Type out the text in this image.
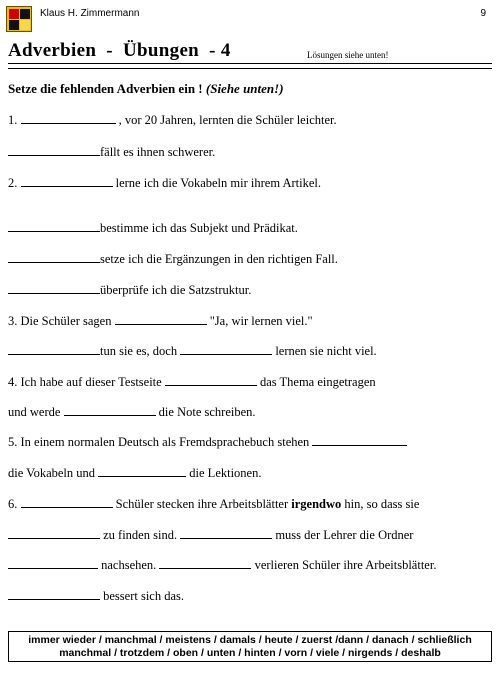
Klaus H. Zimmermann	9
Adverbien  -  Übungen  - 4	Lösungen siehe unten!
Setze die fehlenden Adverbien ein ! (Siehe unten!)
1.	, vor 20 Jahren, lernten die Schüler leichter.
fällt es ihnen schwerer.
2.	lerne ich die Vokabeln mir ihrem Artikel.
bestimme ich das Subjekt und Prädikat.
setze ich die Ergänzungen in den richtigen Fall.
überprüfe ich die Satzstruktur.
3. Die Schüler sagen	"Ja, wir lernen viel."
tun sie es, doch	lernen sie nicht viel.
4. Ich habe auf dieser Testseite	das Thema eingetragen
und werde	die Note schreiben.
5. In einem normalen Deutsch als Fremdsprachebuch stehen
die Vokabeln und	die Lektionen.
6.	Schüler stecken ihre Arbeitsblätter irgendwo hin, so dass sie
zu finden sind.	muss der Lehrer die Ordner
nachsehen.	verlieren Schüler ihre Arbeitsblätter.
bessert sich das.
immer wieder / manchmal / meistens / damals / heute / zuerst /dann / danach / schließlich
manchmal / trotzdem / oben / unten / hinten / vorn / viele / nirgends / deshalb
